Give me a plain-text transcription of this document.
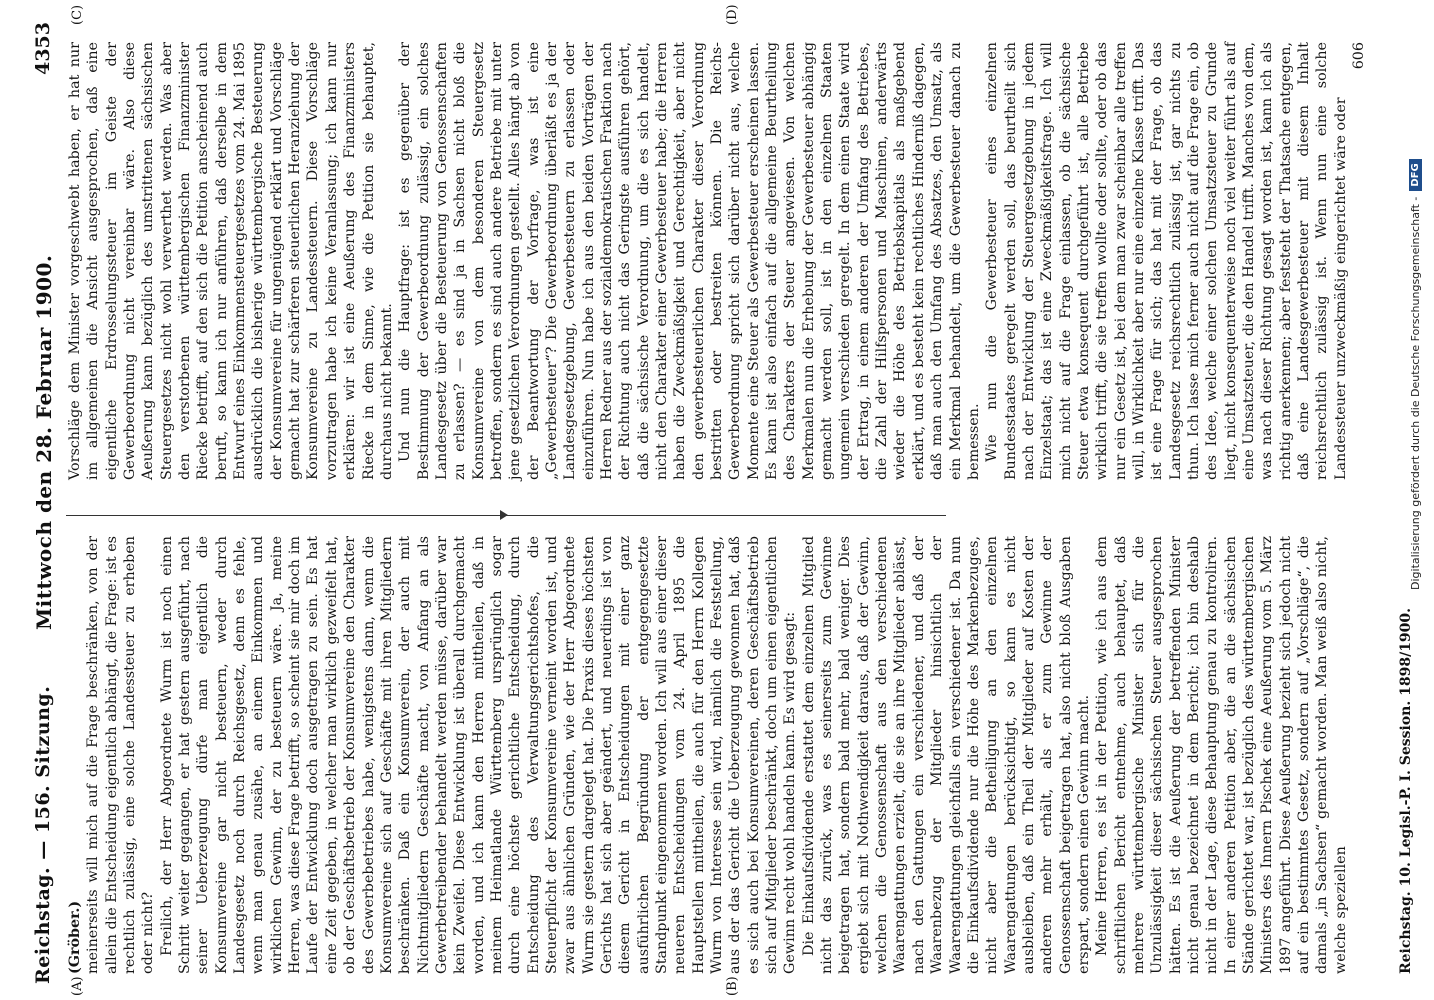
Reichstag. — 156. Sitzung.
Mittwoch den 28. Februar 1900.
4353
(A)	(B)
(C)	(D)

(Gröber.) meinerseits will mich auf die Frage beschränken, von der allein die Entscheidung eigentlich abhängt, die Frage: ist es rechtlich zulässig, eine solche Landessteuer zu erheben oder nicht? Freilich, der Herr Abgeordnete Wurm ist noch einen Schritt weiter gegangen, er hat gestern ausgeführt, nach seiner Ueberzeugung dürfe man eigentlich die Konsumvereine gar nicht besteuern, weder durch Landesgesetz noch durch Reichsgesetz, denn es fehle, wenn man genau zusähe, an einem Einkommen und wirklichen Gewinn, der zu besteuern wäre. Ja, meine Herren, was diese Frage betrifft, so scheint sie mir doch im Laufe der Entwicklung doch ausgetragen zu sein. Es hat eine Zeit gegeben, in welcher man wirklich gezweifelt hat, ob der Geschäftsbetrieb der Konsumvereine den Charakter des Gewerbebetriebes habe, wenigstens dann, wenn die Konsumvereine sich auf Geschäfte mit ihren Mitgliedern beschränken. Daß ein Konsumverein, der auch mit Nichtmitgliedern Geschäfte macht, von Anfang an als Gewerbetreibender behandelt werden müsse, darüber war kein Zweifel. Diese Entwicklung ist überall durchgemacht worden, und ich kann den Herren mittheilen, daß in meinem Heimatlande Württemberg ursprünglich sogar durch eine höchste gerichtliche Entscheidung, durch Entscheidung des Verwaltungsgerichtshofes, die Steuerpflicht der Konsumvereine verneint worden ist, und zwar aus ähnlichen Gründen, wie der Herr Abgeordnete Wurm sie gestern dargelegt hat. Die Praxis dieses höchsten Gerichts hat sich aber geändert, und neuerdings ist von diesem Gericht in Entscheidungen mit einer ganz ausführlichen Begründung der entgegengesetzte Standpunkt eingenommen worden. Ich will aus einer dieser neueren Entscheidungen vom 24. April 1895 die Hauptstellen mittheilen, die auch für den Herrn Kollegen Wurm von Interesse sein wird, nämlich die Feststellung, aus der das Gericht die Ueberzeugung gewonnen hat, daß es sich auch bei Konsumvereinen, deren Geschäftsbetrieb sich auf Mitglieder beschränkt, doch um einen eigentlichen Gewinn recht wohl handeln kann. Es wird gesagt: Die Einkaufsdividende erstattet dem einzelnen Mitglied nicht das zurück, was es seinerseits zum Gewinne beigetragen hat, sondern bald mehr, bald weniger. Dies ergiebt sich mit Nothwendigkeit daraus, daß der Gewinn, welchen die Genossenschaft aus den verschiedenen Waarengattungen erzielt, die sie an ihre Mitglieder ablässt, nach den Gattungen ein verschiedener, und daß der Waarenbezug der Mitglieder hinsichtlich der Waarengattungen gleichfalls ein verschiedener ist. Da nun die Einkaufsdividende nur die Höhe des Markenbezuges, nicht aber die Betheiligung an den einzelnen Waarengattungen berücksichtigt, so kann es nicht ausbleiben, daß ein Theil der Mitglieder auf Kosten der anderen mehr erhält, als er zum Gewinne der Genossenschaft beigetragen hat, also nicht bloß Ausgaben erspart, sondern einen Gewinn macht. Meine Herren, es ist in der Petition, wie ich aus dem schriftlichen Bericht entnehme, auch behauptet, daß mehrere württembergische Minister sich für die Unzulässigkeit dieser sächsischen Steuer ausgesprochen hätten. Es ist die Aeußerung der betreffenden Minister nicht genau bezeichnet in dem Bericht; ich bin deshalb nicht in der Lage, diese Behauptung genau zu kontroliren. In einer anderen Petition aber, die an die sächsischen Stände gerichtet war, ist bezüglich des württembergischen Ministers des Innern Pischek eine Aeußerung vom 5. März 1897 angeführt. Diese Aeußerung bezieht sich jedoch nicht auf ein bestimmtes Gesetz, sondern auf „Vorschläge“, die damals „in Sachsen“ gemacht worden. Man weiß also nicht, welche speziellen

Vorschläge dem Minister vorgeschwebt haben, er hat nur im allgemeinen die Ansicht ausgesprochen, daß eine eigentliche Erdrosselungssteuer im Geiste der Gewerbeordnung nicht vereinbar wäre. Also diese Aeußerung kann bezüglich des umstrittenen sächsischen Steuergesetzes nicht wohl verwerthet werden. Was aber den verstorbenen württembergischen Finanzminister Riecke betrifft, auf den sich die Petition anscheinend auch beruft, so kann ich nur anführen, daß derselbe in dem Entwurf eines Einkommensteuergesetzes vom 24. Mai 1895 ausdrücklich die bisherige württembergische Besteuerung der Konsumvereine für ungenügend erklärt und Vorschläge gemacht hat zur schärferen steuerlichen Heranziehung der Konsumvereine zu Landessteuern. Diese Vorschläge vorzutragen habe ich keine Veranlassung; ich kann nur erklären: wir ist eine Aeußerung des Finanzministers Riecke in dem Sinne, wie die Petition sie behauptet, durchaus nicht bekannt. Und nun die Hauptfrage: ist es gegenüber der Bestimmung der Gewerbeordnung zulässig, ein solches Landesgesetz über die Besteuerung von Genossenschaften zu erlassen? — es sind ja in Sachsen nicht bloß die Konsumvereine von dem besonderen Steuergesetz betroffen, sondern es sind auch andere Betriebe mit unter jene gesetzlichen Verordnungen gestellt. Alles hängt ab von der Beantwortung der Vorfrage, was ist eine „Gewerbesteuer“? Die Gewerbeordnung überläßt es ja der Landesgesetzgebung, Gewerbesteuern zu erlassen oder einzuführen. Nun habe ich aus den beiden Vorträgen der Herren Redner aus der sozialdemokratischen Fraktion nach der Richtung auch nicht das Geringste ausführen gehört, daß die sächsische Verordnung, um die es sich handelt, nicht den Charakter einer Gewerbesteuer habe; die Herren haben die Zweckmäßigkeit und Gerechtigkeit, aber nicht den gewerbesteuerlichen Charakter dieser Verordnung bestritten oder bestreiten können. Die Reichs-Gewerbeordnung spricht sich darüber nicht aus, welche Momente eine Steuer als Gewerbesteuer erscheinen lassen. Es kann ist also einfach auf die allgemeine Beurtheilung des Charakters der Steuer angewiesen. Von welchen Merkmalen nun die Erhebung der Gewerbesteuer abhängig gemacht werden soll, ist in den einzelnen Staaten ungemein verschieden geregelt. In dem einen Staate wird der Ertrag, in einem anderen der Umfang des Betriebes, die Zahl der Hilfspersonen und Maschinen, anderwärts wieder die Höhe des Betriebskapitals als maßgebend erklärt, und es besteht kein rechtliches Hinderniß dagegen, daß man auch den Umfang des Absatzes, den Umsatz, als ein Merkmal behandelt, um die Gewerbesteuer danach zu bemessen. Wie nun die Gewerbesteuer eines einzelnen Bundesstaates geregelt werden soll, das beurtheilt sich nach der Entwicklung der Steuergesetzgebung in jedem Einzelstaat; das ist eine Zweckmäßigkeitsfrage. Ich will mich nicht auf die Frage einlassen, ob die sächsische Steuer etwa konsequent durchgeführt ist, alle Betriebe wirklich trifft, die sie treffen wollte oder sollte, oder ob das nur ein Gesetz ist, bei dem man zwar scheinbar alle treffen will, in Wirklichkeit aber nur eine einzelne Klasse trifft. Das ist eine Frage für sich; das hat mit der Frage, ob das Landesgesetz reichsrechtlich zulässig ist, gar nichts zu thun. Ich lasse mich ferner auch nicht auf die Frage ein, ob des Idee, welche einer solchen Umsatzsteuer zu Grunde liegt, nicht konsequenterweise noch viel weiter führt als auf eine Umsatzsteuer, die den Handel trifft. Manches von dem, was nach dieser Richtung gesagt worden ist, kann ich als richtig anerkennen; aber feststeht der Thatsache entgegen, daß eine Landesgewerbesteuer mit diesem Inhalt reichsrechtlich zulässig ist. Wenn nun eine solche Landessteuer unzweckmäßig eingerichtet wäre oder

606

Reichstag. 10. Legisl.-P. I. Session. 1898/1900.
Digitalisierung gefördert durch die Deutsche Forschungsgemeinschaft -DFG
